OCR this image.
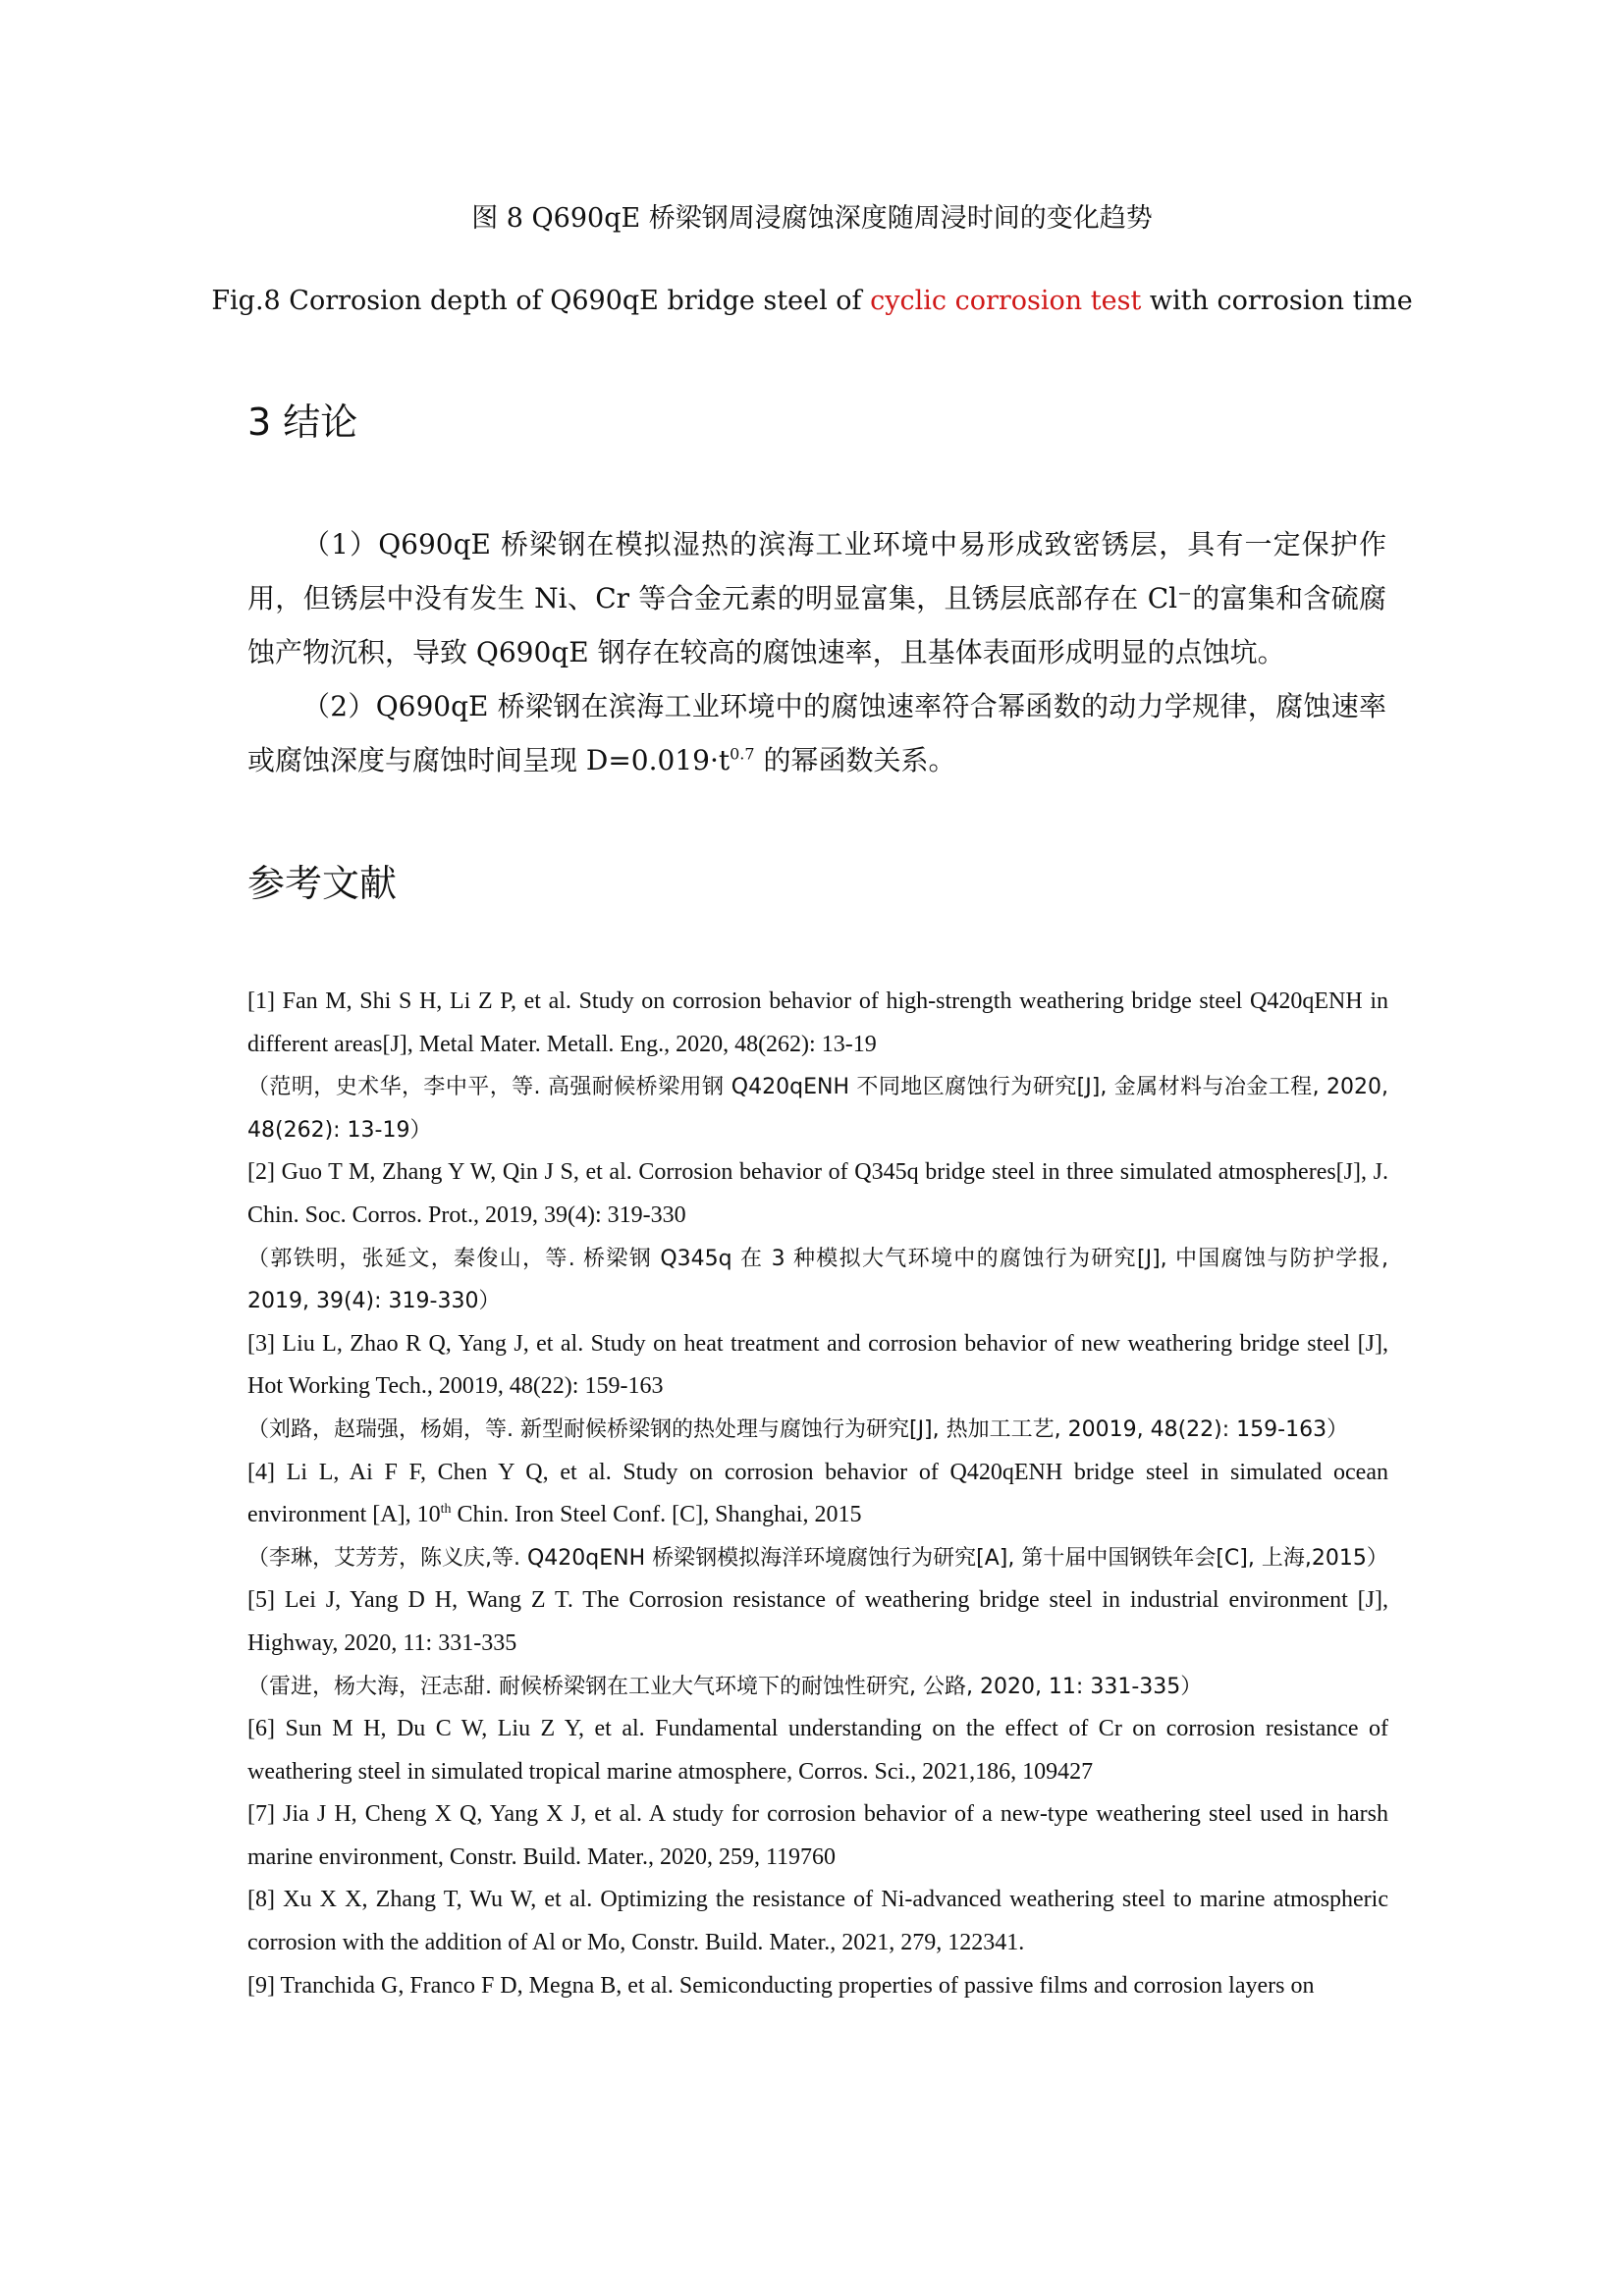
图 8 Q690qE 桥梁钢周浸腐蚀深度随周浸时间的变化趋势
Fig.8 Corrosion depth of Q690qE bridge steel of cyclic corrosion test with corrosion time
3 结论

（1）Q690qE 桥梁钢在模拟湿热的滨海工业环境中易形成致密锈层，具有一定保护作用，但锈层中没有发生 Ni、Cr 等合金元素的明显富集，且锈层底部存在 Cl⁻的富集和含硫腐蚀产物沉积，导致 Q690qE 钢存在较高的腐蚀速率，且基体表面形成明显的点蚀坑。

（2）Q690qE 桥梁钢在滨海工业环境中的腐蚀速率符合幂函数的动力学规律，腐蚀速率或腐蚀深度与腐蚀时间呈现 $D=0.019\cdot t^{0.7}$ 的幂函数关系。

参考文献
[1] Fan M, Shi S H, Li Z P, et al. Study on corrosion behavior of high-strength weathering bridge steel Q420qENH in different areas[J], Metal Mater. Metall. Eng., 2020, 48(262): 13-19
（范明，史术华，李中平，等. 高强耐候桥梁用钢 Q420qENH 不同地区腐蚀行为研究[J], 金属材料与冶金工程, 2020, 48(262): 13-19）
[2] Guo T M, Zhang Y W, Qin J S, et al. Corrosion behavior of Q345q bridge steel in three simulated atmospheres[J], J. Chin. Soc. Corros. Prot., 2019, 39(4): 319-330
（郭铁明，张延文，秦俊山，等. 桥梁钢 Q345q 在 3 种模拟大气环境中的腐蚀行为研究[J], 中国腐蚀与防护学报, 2019, 39(4): 319-330）
[3] Liu L, Zhao R Q, Yang J, et al. Study on heat treatment and corrosion behavior of new weathering bridge steel [J], Hot Working Tech., 20019, 48(22): 159-163
（刘路，赵瑞强，杨娟，等. 新型耐候桥梁钢的热处理与腐蚀行为研究[J], 热加工工艺, 20019, 48(22): 159-163）
[4] Li L, Ai F F, Chen Y Q, et al. Study on corrosion behavior of Q420qENH bridge steel in simulated ocean environment [A], 10th Chin. Iron Steel Conf. [C], Shanghai, 2015
（李琳，艾芳芳，陈义庆,等. Q420qENH 桥梁钢模拟海洋环境腐蚀行为研究[A], 第十届中国钢铁年会[C], 上海,2015）
[5] Lei J, Yang D H, Wang Z T. The Corrosion resistance of weathering bridge steel in industrial environment [J], Highway, 2020, 11: 331-335
（雷进，杨大海，汪志甜. 耐候桥梁钢在工业大气环境下的耐蚀性研究, 公路, 2020, 11: 331-335）
[6] Sun M H, Du C W, Liu Z Y, et al. Fundamental understanding on the effect of Cr on corrosion resistance of weathering steel in simulated tropical marine atmosphere, Corros. Sci., 2021,186, 109427
[7] Jia J H, Cheng X Q, Yang X J, et al. A study for corrosion behavior of a new-type weathering steel used in harsh marine environment, Constr. Build. Mater., 2020, 259, 119760
[8] Xu X X, Zhang T, Wu W, et al. Optimizing the resistance of Ni-advanced weathering steel to marine atmospheric corrosion with the addition of Al or Mo, Constr. Build. Mater., 2021, 279, 122341.
[9] Tranchida G, Franco F D, Megna B, et al. Semiconducting properties of passive films and corrosion layers on
